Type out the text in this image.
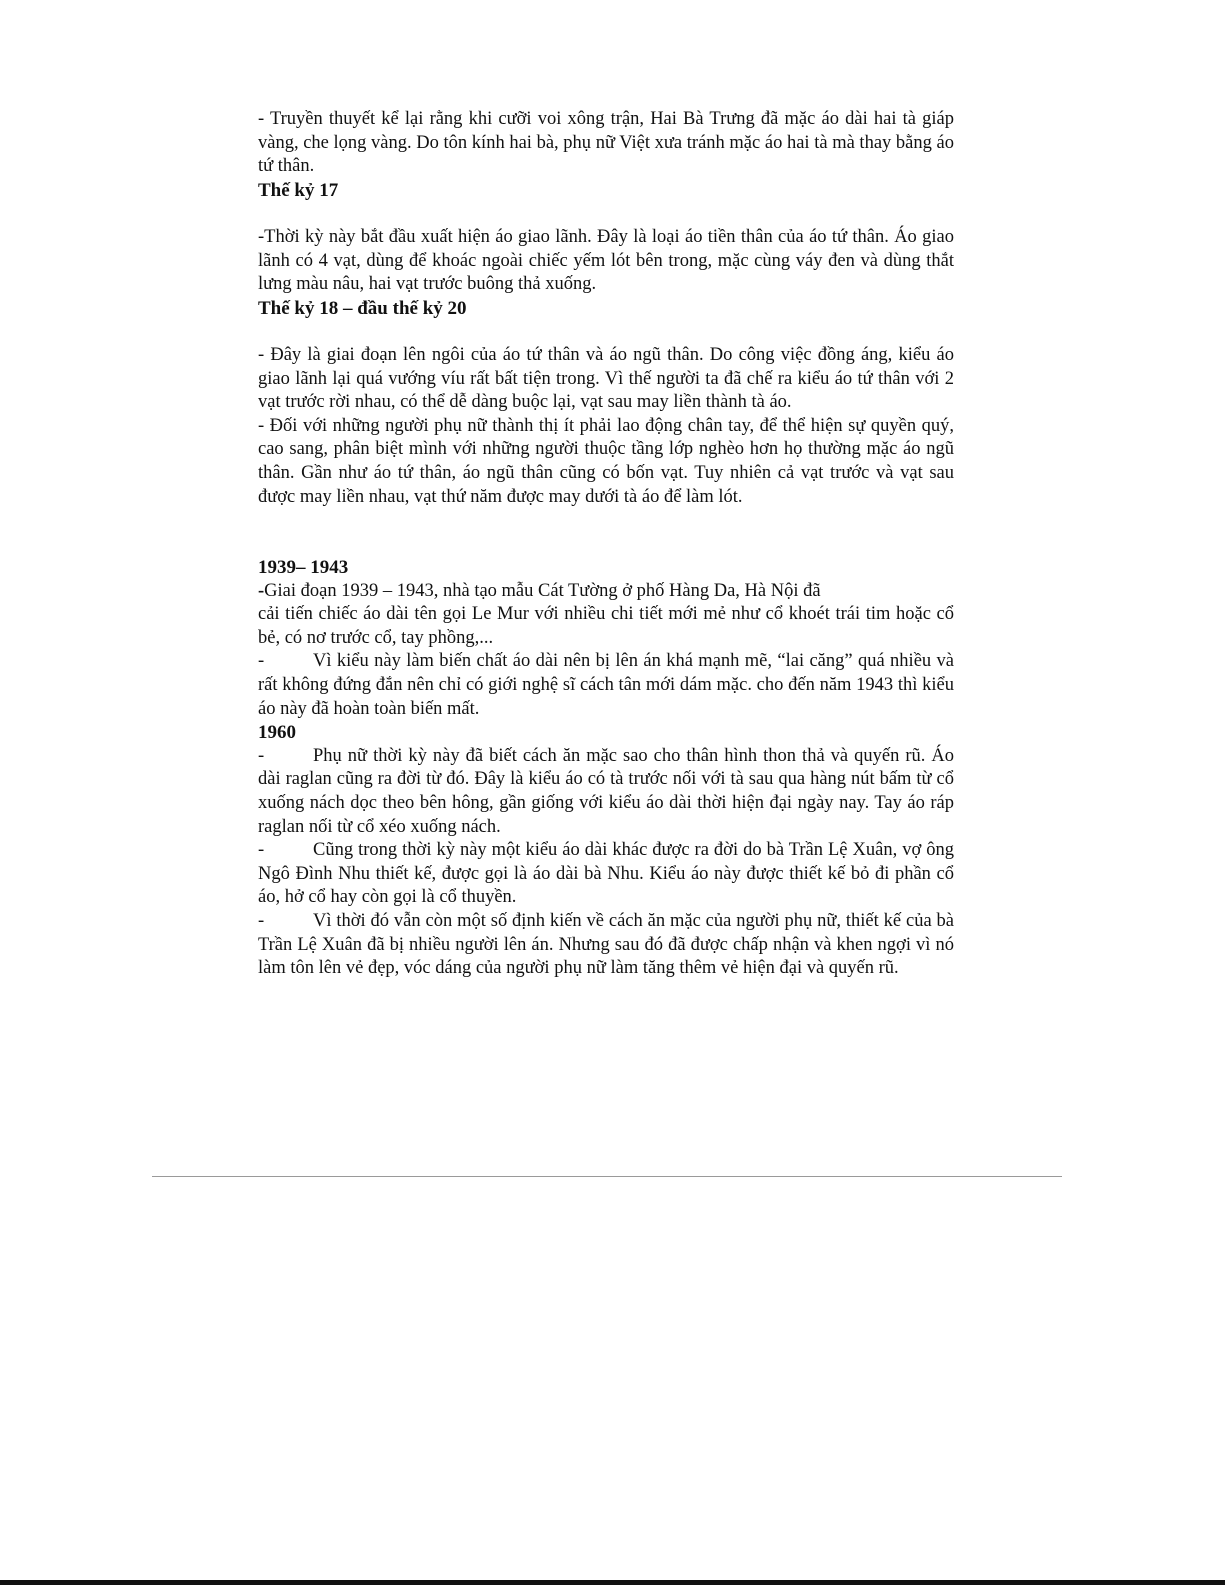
- Truyền thuyết kể lại rằng khi cưỡi voi xông trận, Hai Bà Trưng đã mặc áo dài hai tà giáp vàng, che lọng vàng. Do tôn kính hai bà, phụ nữ Việt xưa tránh mặc áo hai tà mà thay bằng áo tứ thân.

Thế kỷ 17

-Thời kỳ này bắt đầu xuất hiện áo giao lãnh. Đây là loại áo tiền thân của áo tứ thân. Áo giao lãnh có 4 vạt, dùng để khoác ngoài chiếc yếm lót bên trong, mặc cùng váy đen và dùng thắt lưng màu nâu, hai vạt trước buông thả xuống.

Thế kỷ 18 – đầu thế kỷ 20

- Đây là giai đoạn lên ngôi của áo tứ thân và áo ngũ thân. Do công việc đồng áng, kiểu áo giao lãnh lại quá vướng víu rất bất tiện trong. Vì thế người ta đã chế ra kiểu áo tứ thân với 2 vạt trước rời nhau, có thể dễ dàng buộc lại, vạt sau may liền thành tà áo.

- Đối với những người phụ nữ thành thị ít phải lao động chân tay, để thể hiện sự quyền quý, cao sang, phân biệt mình với những người thuộc tầng lớp nghèo hơn họ thường mặc áo ngũ thân. Gần như áo tứ thân, áo ngũ thân cũng có bốn vạt. Tuy nhiên cả vạt trước và vạt sau được may liền nhau, vạt thứ năm được may dưới tà áo để làm lót.

1939– 1943

-Giai đoạn 1939 – 1943, nhà tạo mẫu Cát Tường ở phố Hàng Da, Hà Nội đã

cải tiến chiếc áo dài tên gọi Le Mur với nhiều chi tiết mới mẻ như cổ khoét trái tim hoặc cổ bẻ, có nơ trước cổ, tay phồng,...

-	Vì kiểu này làm biến chất áo dài nên bị lên án khá mạnh mẽ, “lai căng” quá nhiều và rất không đứng đắn nên chỉ có giới nghệ sĩ cách tân mới dám mặc. cho đến năm 1943 thì kiểu áo này đã hoàn toàn biến mất.

1960

-	Phụ nữ thời kỳ này đã biết cách ăn mặc sao cho thân hình thon thả và quyến rũ. Áo dài raglan cũng ra đời từ đó. Đây là kiểu áo có tà trước nối với tà sau qua hàng nút bấm từ cổ xuống nách dọc theo bên hông, gần giống với kiểu áo dài thời hiện đại ngày nay. Tay áo ráp raglan nối từ cổ xéo xuống nách.

-	Cũng trong thời kỳ này một kiểu áo dài khác được ra đời do bà Trần Lệ Xuân, vợ ông Ngô Đình Nhu thiết kế, được gọi là áo dài bà Nhu. Kiểu áo này được thiết kế bỏ đi phần cổ áo, hở cổ hay còn gọi là cổ thuyền.

-	Vì thời đó vẫn còn một số định kiến về cách ăn mặc của người phụ nữ, thiết kế của bà Trần Lệ Xuân đã bị nhiều người lên án. Nhưng sau đó đã được chấp nhận và khen ngợi vì nó làm tôn lên vẻ đẹp, vóc dáng của người phụ nữ làm tăng thêm vẻ hiện đại và quyến rũ.
